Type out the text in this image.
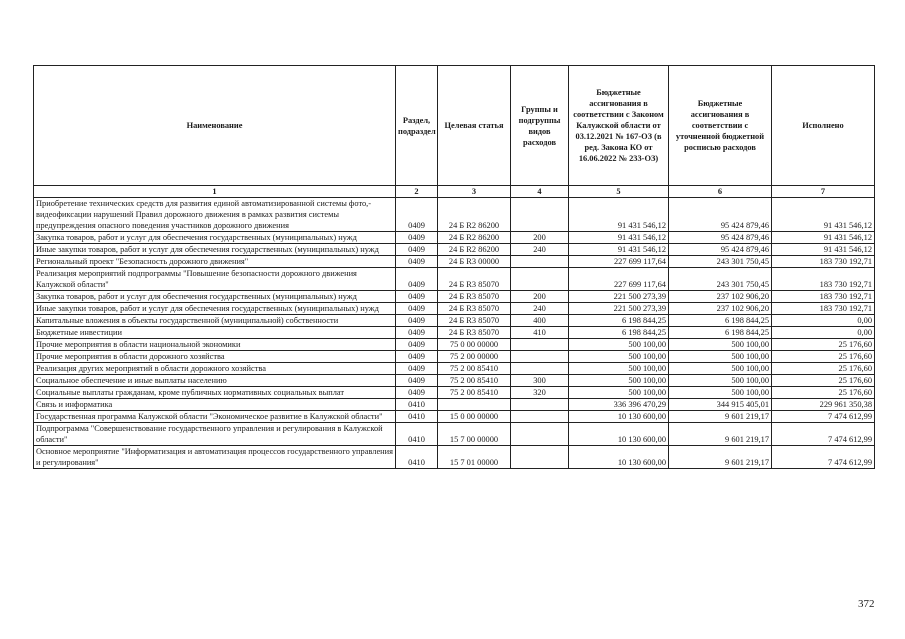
Наименование	Раздел, подраздел	Целевая статья	Группы и подгруппы видов расходов	Бюджетные ассигнования в соответствии с Законом Калужской области от 03.12.2021 № 167-ОЗ (в ред. Закона КО от 16.06.2022 № 233-ОЗ)	Бюджетные ассигнования в соответствии с уточненной бюджетной росписью расходов	Исполнено
1	2	3	4	5	6	7
Приобретение технических средств для развития единой автоматизированной системы фото,- видеофиксации нарушений Правил дорожного движения в рамках развития системы предупреждения опасного поведения участников дорожного движения	0409	24 Б R2 86200		91 431 546,12	95 424 879,46	91 431 546,12
Закупка товаров, работ и услуг для обеспечения государственных (муниципальных) нужд	0409	24 Б R2 86200	200	91 431 546,12	95 424 879,46	91 431 546,12
Иные закупки товаров, работ и услуг для обеспечения государственных (муниципальных) нужд	0409	24 Б R2 86200	240	91 431 546,12	95 424 879,46	91 431 546,12
Региональный проект "Безопасность дорожного движения"	0409	24 Б R3 00000		227 699 117,64	243 301 750,45	183 730 192,71
Реализация мероприятий подпрограммы "Повышение безопасности дорожного движения Калужской области"	0409	24 Б R3 85070		227 699 117,64	243 301 750,45	183 730 192,71
Закупка товаров, работ и услуг для обеспечения государственных (муниципальных) нужд	0409	24 Б R3 85070	200	221 500 273,39	237 102 906,20	183 730 192,71
Иные закупки товаров, работ и услуг для обеспечения государственных (муниципальных) нужд	0409	24 Б R3 85070	240	221 500 273,39	237 102 906,20	183 730 192,71
Капитальные вложения в объекты государственной (муниципальной) собственности	0409	24 Б R3 85070	400	6 198 844,25	6 198 844,25	0,00
Бюджетные инвестиции	0409	24 Б R3 85070	410	6 198 844,25	6 198 844,25	0,00
Прочие мероприятия в области национальной экономики	0409	75 0 00 00000		500 100,00	500 100,00	25 176,60
Прочие мероприятия в области дорожного хозяйства	0409	75 2 00 00000		500 100,00	500 100,00	25 176,60
Реализация других мероприятий в области дорожного хозяйства	0409	75 2 00 85410		500 100,00	500 100,00	25 176,60
Социальное обеспечение и иные выплаты населению	0409	75 2 00 85410	300	500 100,00	500 100,00	25 176,60
Социальные выплаты гражданам, кроме публичных нормативных социальных выплат	0409	75 2 00 85410	320	500 100,00	500 100,00	25 176,60
Связь и информатика	0410			336 396 470,29	344 915 405,01	229 961 350,38
Государственная программа Калужской области "Экономическое развитие в Калужской области"	0410	15 0 00 00000		10 130 600,00	9 601 219,17	7 474 612,99
Подпрограмма "Совершенствование государственного управления и регулирования в Калужской области"	0410	15 7 00 00000		10 130 600,00	9 601 219,17	7 474 612,99
Основное мероприятие "Информатизация и автоматизация процессов государственного управления и регулирования"	0410	15 7 01 00000		10 130 600,00	9 601 219,17	7 474 612,99
372
